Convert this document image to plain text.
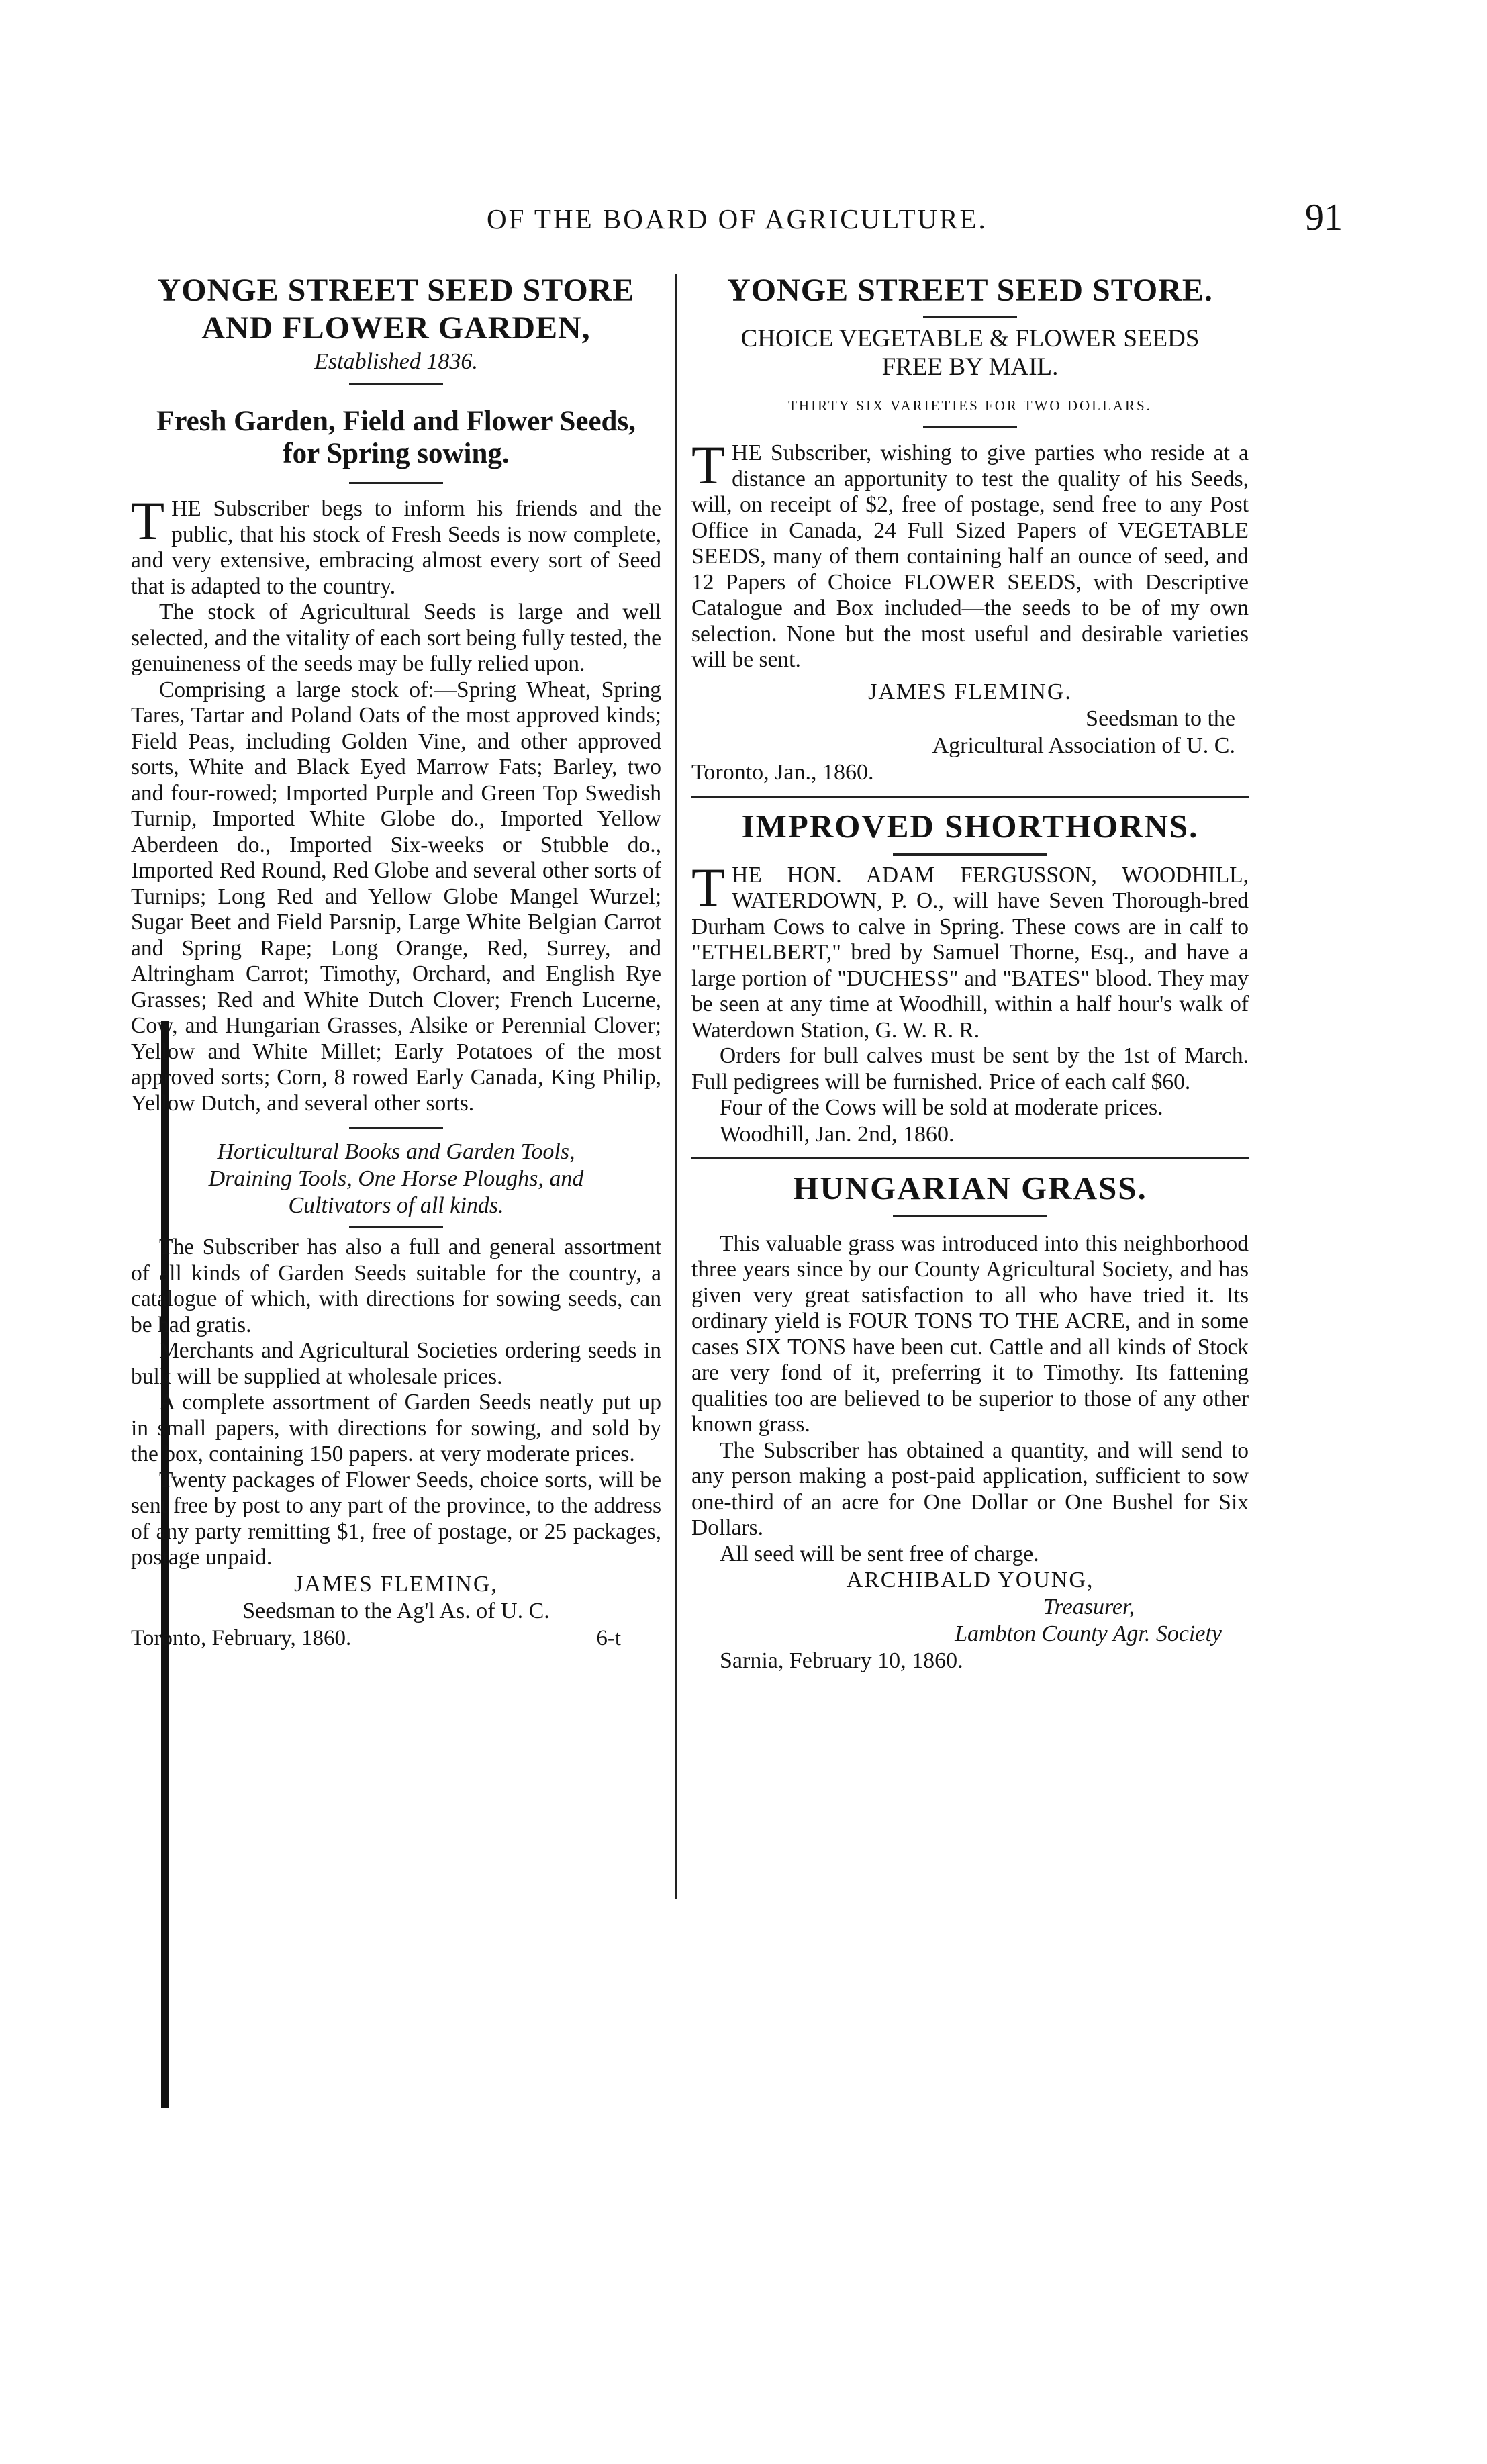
OF THE BOARD OF AGRICULTURE.	91
YONGE STREET SEED STORE
AND FLOWER GARDEN,
Established 1836.
Fresh Garden, Field and Flower Seeds,
for Spring sowing.

THE Subscriber begs to inform his friends and the public, that his stock of Fresh Seeds is now complete, and very extensive, embracing almost every sort of Seed that is adapted to the country.

The stock of Agricultural Seeds is large and well selected, and the vitality of each sort being fully tested, the genuineness of the seeds may be fully relied upon.

Comprising a large stock of:—Spring Wheat, Spring Tares, Tartar and Poland Oats of the most approved kinds; Field Peas, including Golden Vine, and other approved sorts, White and Black Eyed Marrow Fats; Barley, two and four-rowed; Imported Purple and Green Top Swedish Turnip, Imported White Globe do., Imported Yellow Aberdeen do., Imported Six-weeks or Stubble do., Imported Red Round, Red Globe and several other sorts of Turnips; Long Red and Yellow Globe Mangel Wurzel; Sugar Beet and Field Parsnip, Large White Belgian Carrot and Spring Rape; Long Orange, Red, Surrey, and Altringham Carrot; Timothy, Orchard, and English Rye Grasses; Red and White Dutch Clover; French Lucerne, Cow, and Hungarian Grasses, Alsike or Perennial Clover; Yellow and White Millet; Early Potatoes of the most approved sorts; Corn, 8 rowed Early Canada, King Philip, Yellow Dutch, and several other sorts.

Horticultural Books and Garden Tools,
Draining Tools, One Horse Ploughs, and
Cultivators of all kinds.

The Subscriber has also a full and general assortment of all kinds of Garden Seeds suitable for the country, a catalogue of which, with directions for sowing seeds, can be had gratis.

Merchants and Agricultural Societies ordering seeds in bulk will be supplied at wholesale prices.

A complete assortment of Garden Seeds neatly put up in small papers, with directions for sowing, and sold by the box, containing 150 papers. at very moderate prices.

Twenty packages of Flower Seeds, choice sorts, will be sent free by post to any part of the province, to the address of any party remitting $1, free of postage, or 25 packages, postage unpaid.

JAMES FLEMING,
Seedsman to the Ag'l As. of U. C.
Toronto, February, 1860.	6-t
YONGE STREET SEED STORE.
CHOICE VEGETABLE & FLOWER SEEDS
FREE BY MAIL.
THIRTY SIX VARIETIES FOR TWO DOLLARS.

THE Subscriber, wishing to give parties who reside at a distance an apportunity to test the quality of his Seeds, will, on receipt of $2, free of postage, send free to any Post Office in Canada, 24 Full Sized Papers of VEGETABLE SEEDS, many of them containing half an ounce of seed, and 12 Papers of Choice FLOWER SEEDS, with Descriptive Catalogue and Box included—the seeds to be of my own selection. None but the most useful and desirable varieties will be sent.

JAMES FLEMING.
Seedsman to the
Agricultural Association of U. C.
Toronto, Jan., 1860.
IMPROVED SHORTHORNS.

THE HON. ADAM FERGUSSON, WOODHILL, WATERDOWN, P. O., will have Seven Thorough-bred Durham Cows to calve in Spring. These cows are in calf to "ETHELBERT," bred by Samuel Thorne, Esq., and have a large portion of "DUCHESS" and "BATES" blood. They may be seen at any time at Woodhill, within a half hour's walk of Waterdown Station, G. W. R. R.

Orders for bull calves must be sent by the 1st of March. Full pedigrees will be furnished. Price of each calf $60.

Four of the Cows will be sold at moderate prices.

Woodhill, Jan. 2nd, 1860.
HUNGARIAN GRASS.

This valuable grass was introduced into this neighborhood three years since by our County Agricultural Society, and has given very great satisfaction to all who have tried it. Its ordinary yield is FOUR TONS TO THE ACRE, and in some cases SIX TONS have been cut. Cattle and all kinds of Stock are very fond of it, preferring it to Timothy. Its fattening qualities too are believed to be superior to those of any other known grass.

The Subscriber has obtained a quantity, and will send to any person making a post-paid application, sufficient to sow one-third of an acre for One Dollar or One Bushel for Six Dollars.

All seed will be sent free of charge.

ARCHIBALD YOUNG,
Treasurer,
Lambton County Agr. Society
Sarnia, February 10, 1860.
